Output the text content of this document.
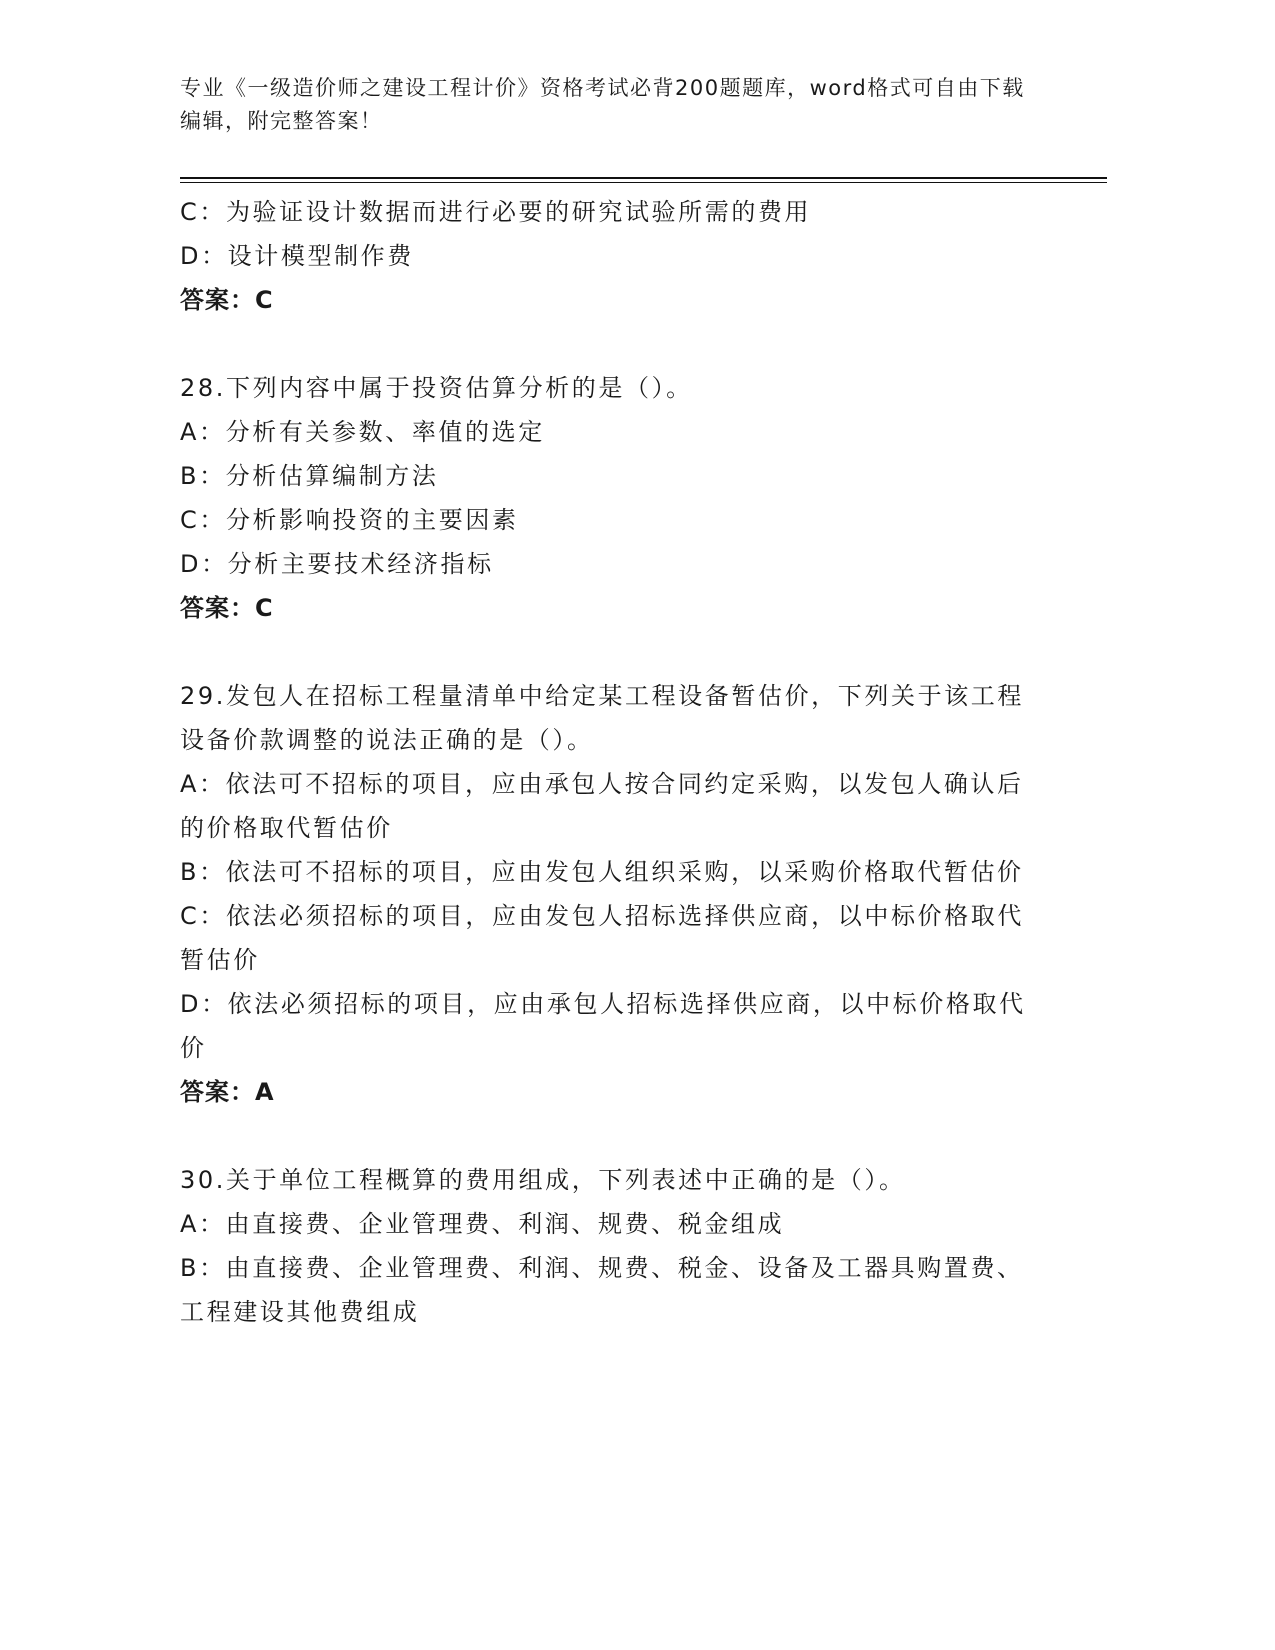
专业《一级造价师之建设工程计价》资格考试必背200题题库，word格式可自由下载编辑，附完整答案！

C：为验证设计数据而进行必要的研究试验所需的费用

D：设计模型制作费

答案：C

28.下列内容中属于投资估算分析的是（）。

A：分析有关参数、率值的选定

B：分析估算编制方法

C：分析影响投资的主要因素

D：分析主要技术经济指标

答案：C

29.发包人在招标工程量清单中给定某工程设备暂估价，下列关于该工程设备价款调整的说法正确的是（）。

A：依法可不招标的项目，应由承包人按合同约定采购，以发包人确认后的价格取代暂估价

B：依法可不招标的项目，应由发包人组织采购，以采购价格取代暂估价

C：依法必须招标的项目，应由发包人招标选择供应商，以中标价格取代暂估价

D：依法必须招标的项目，应由承包人招标选择供应商，以中标价格取代价

答案：A

30.关于单位工程概算的费用组成，下列表述中正确的是（）。

A：由直接费、企业管理费、利润、规费、税金组成

B：由直接费、企业管理费、利润、规费、税金、设备及工器具购置费、工程建设其他费组成
